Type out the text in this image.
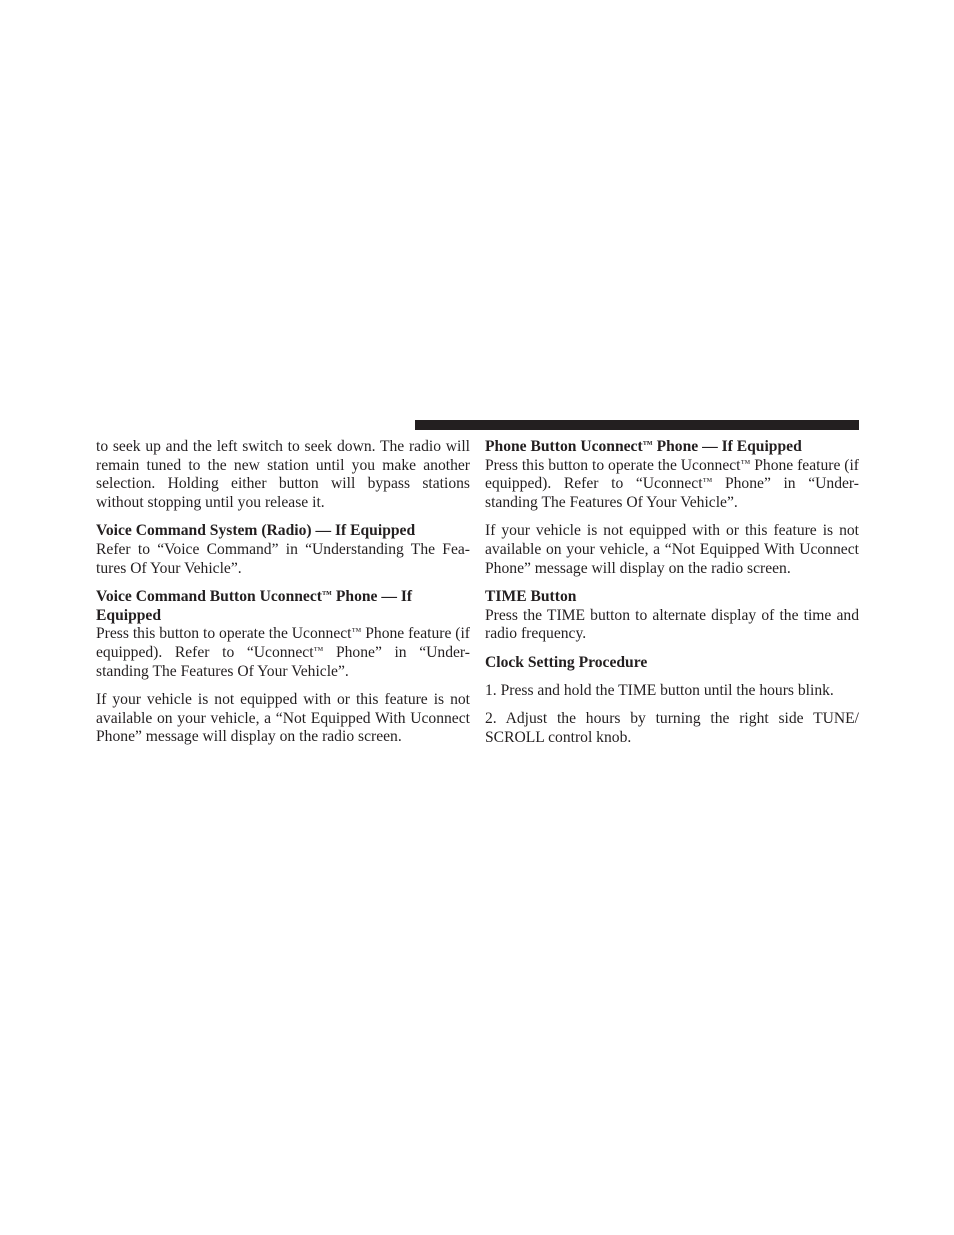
to seek up and the left switch to seek down. The radio will remain tuned to the new station until you make another selection. Holding either button will bypass stations without stopping until you release it.

Voice Command System (Radio) — If Equipped

Refer to “Voice Command” in “Understanding The Fea-tures Of Your Vehicle”.

Voice Command Button Uconnect™ Phone — If Equipped

Press this button to operate the Uconnect™ Phone feature (if equipped). Refer to “Uconnect™ Phone” in “Under-standing The Features Of Your Vehicle”.

If your vehicle is not equipped with or this feature is not available on your vehicle, a “Not Equipped With Uconnect Phone” message will display on the radio screen.

Phone Button Uconnect™ Phone — If Equipped

Press this button to operate the Uconnect™ Phone feature (if equipped). Refer to “Uconnect™ Phone” in “Under-standing The Features Of Your Vehicle”.

If your vehicle is not equipped with or this feature is not available on your vehicle, a “Not Equipped With Uconnect Phone” message will display on the radio screen.

TIME Button

Press the TIME button to alternate display of the time and radio frequency.

Clock Setting Procedure

1. Press and hold the TIME button until the hours blink.

2. Adjust the hours by turning the right side TUNE/ SCROLL control knob.
